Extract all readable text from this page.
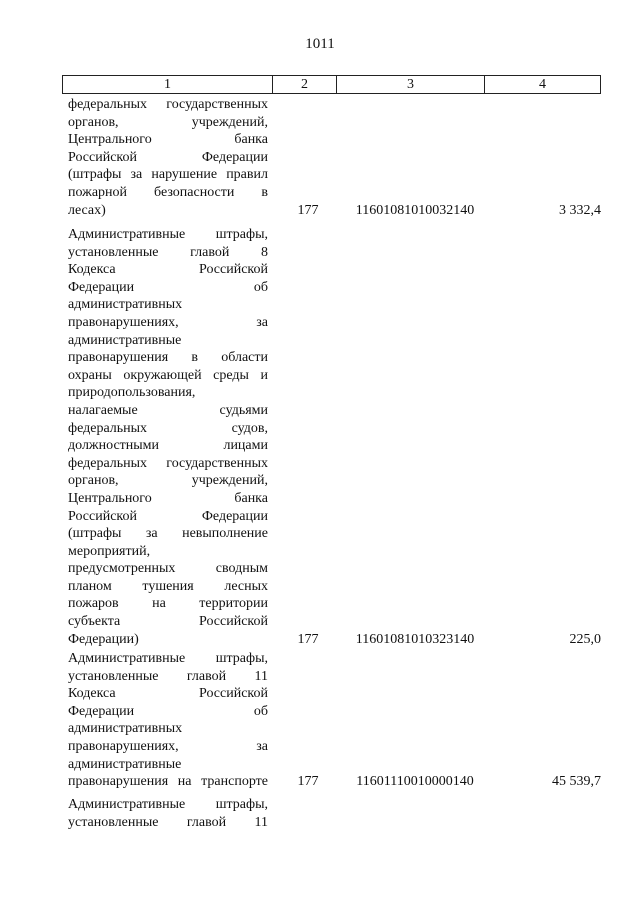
1011
1	2	3	4
федеральных государственных
органов, учреждений,
Центрального банка
Российской Федерации
(штрафы за нарушение правил
пожарной безопасности в
лесах)	177	11601081010032140	3 332,4
Административные штрафы,
установленные главой 8
Кодекса Российской
Федерации об
административных
правонарушениях, за
административные
правонарушения в области
охраны окружающей среды и
природопользования,
налагаемые судьями
федеральных судов,
должностными лицами
федеральных государственных
органов, учреждений,
Центрального банка
Российской Федерации
(штрафы за невыполнение
мероприятий,
предусмотренных сводным
планом тушения лесных
пожаров на территории
субъекта Российской
Федерации)	177	11601081010323140	225,0
Административные штрафы,
установленные главой 11
Кодекса Российской
Федерации об
административных
правонарушениях, за
административные
правонарушения на транспорте	177	11601110010000140	45 539,7
Административные штрафы,
установленные главой 11
